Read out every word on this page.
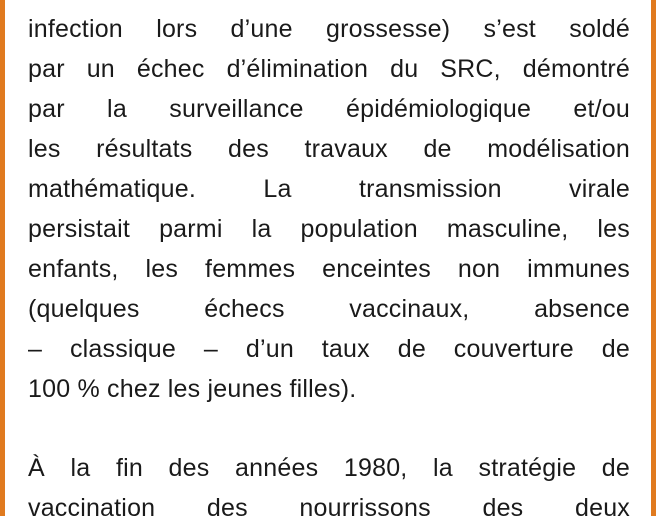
infection lors d’une grossesse) s’est soldé
par un échec d’élimination du SRC, démontré
par la surveillance épidémiologique et/ou
les résultats des travaux de modélisation
mathématique. La transmission virale
persistait parmi la population masculine, les
enfants, les femmes enceintes non immunes
(quelques échecs vaccinaux, absence
– classique – d’un taux de couverture de
100 % chez les jeunes filles).
À la fin des années 1980, la stratégie de
vaccination des nourrissons des deux
